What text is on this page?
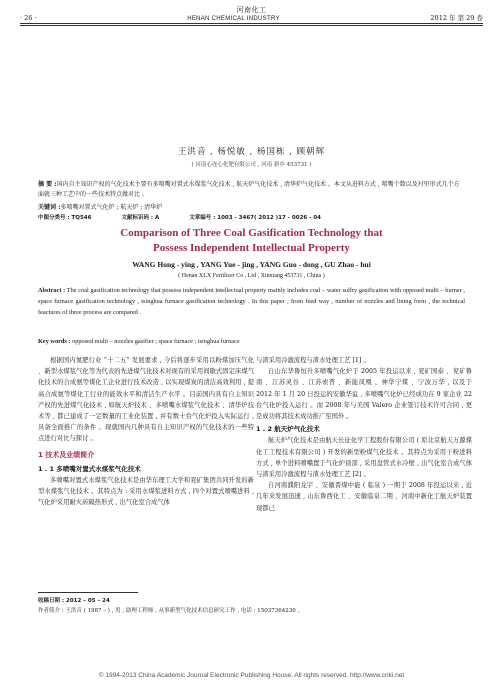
河南化工
· 26 ·	HENAN CHEMICAL INDUSTRY	2012 年 第 29 卷
王洪音 , 杨悦敏 , 杨国栋 , 顾朝辉
( 河南心连心化肥有限公司 , 河南 新乡 453731 )
摘 要 :国内自主知识产权的气化技术主要有多喷嘴对置式水煤浆气化技术 , 航天炉气化技术 , 清华炉气化技术 。本文从进料方式 , 喷嘴个数以及衬里形式几个方面就三种工艺中的一些技术特点做对比 。
关键词 :多喷嘴对置式气化炉 ; 航天炉 ; 清华炉
中图分类号 : TQ546	文献标识码 : A	文章编号 : 1003 - 3467( 2012 )17 - 0026 - 04
Comparison of Three Coal Gasification Technology that
Possess Independent Intellectual Property
WANG Hong - ying , YANG Yue - jing , YANG Guo - dong , GU Zhao - hui
( Henan XLX Fertilizer Co . Ltd , Xinxiang 453731 , China )
Abstract : The coal gasification technology that possess independent intellectual property mainly includes coal – water sulfry gasification with opposed multi – burner , space furnace gasification technology , tsinghua furnace gasification technology . In this paper , from feed way , number of nozzles and lining form , the technical feactures of three process are compared .
Key words : opposed multi – nozzles gasifier ; space furnace ; tsinghua furnace

根据国内氮肥行业 “十二五” 发展要求 , 今后将逐步采用以粉煤加压气化 、新型水煤浆气化等为代表的先进煤气化技术对现有的采用间歇式固定床煤气化技术的合成氨等煤化工企业进行技术改造 , 以实现煤炭的清洁高效利用 , 提高合成氨等煤化工行业的能效水平和清洁生产水平 。目前国内具有自主知识产权的先进煤气化技术 , 如航天炉技术 、多喷嘴水煤浆气化技术 、清华炉技术等 , 都已建成了一定数量的工业化装置 , 并有数十台气化炉投入实际运行 , 具备全面推广的条件 。现就国内几种具有自主知识产权的气化技术的一些特点进行对比与探讨 。

1 技术及业绩简介
1 . 1 多喷嘴对置式水煤浆气化技术

多喷嘴对置式水煤浆气化技术是由华东理工大学和兖矿集团共同开发的新型水煤浆气化技术 。其特点为 : 采用水煤浆进料方式 , 四个对置式喷嘴进料 , 气化炉采用耐火砖隔热形式 , 出气化室合成气体

与渣采用冷激流程与渣水处理工艺 [1] 。

自山东华鲁恒升多喷嘴气化炉于 2005 年投运以来 , 兖矿国泰 、兖矿鲁南 、江苏灵谷 、江苏索普 、新能凤凰 、神华宁煤 、宁波万华 , 以及于 2012 年 1 月 20 日投运的安徽华谊 , 多喷嘴气化炉已经成功在 9 家企业 22 台气化炉投入运行 。而 2008 年与美国 Valero 企业签订技术许可合同 , 更是成功将其技术成功推广至国外 。

1 . 2 航天炉气化技术

航天炉气化技术是由航天长征化学工程股份有限公司 ( 原北京航天万源煤化工工程技术有限公司 ) 开发的新型粉煤气化技术 。其特点为采用干粉进料方式 , 单个进料喷嘴置于气化炉顶部 , 采用盘管式水冷壁 , 出气化室合成气体与渣采用冷激流程与渣水处理工艺 [2] 。

自河南濮阳龙宇 、安徽晋煤中能 ( 临泉 ) 一期于 2008 年投运以来 , 近几年来发展迅速 , 山东鲁西化工 、安徽临泉二期 、河南中新化工航天炉装置现都已

收稿日期 : 2012 – 05 – 24
作者简介 : 王洪音 ( 1987 – ) , 男 , 助理工程师 , 从事新型气化技术信息研究工作 , 电话 : 15037364230 。
© 1994-2013 China Academic Journal Electronic Publishing House. All rights reserved. http://www.cnki.net
